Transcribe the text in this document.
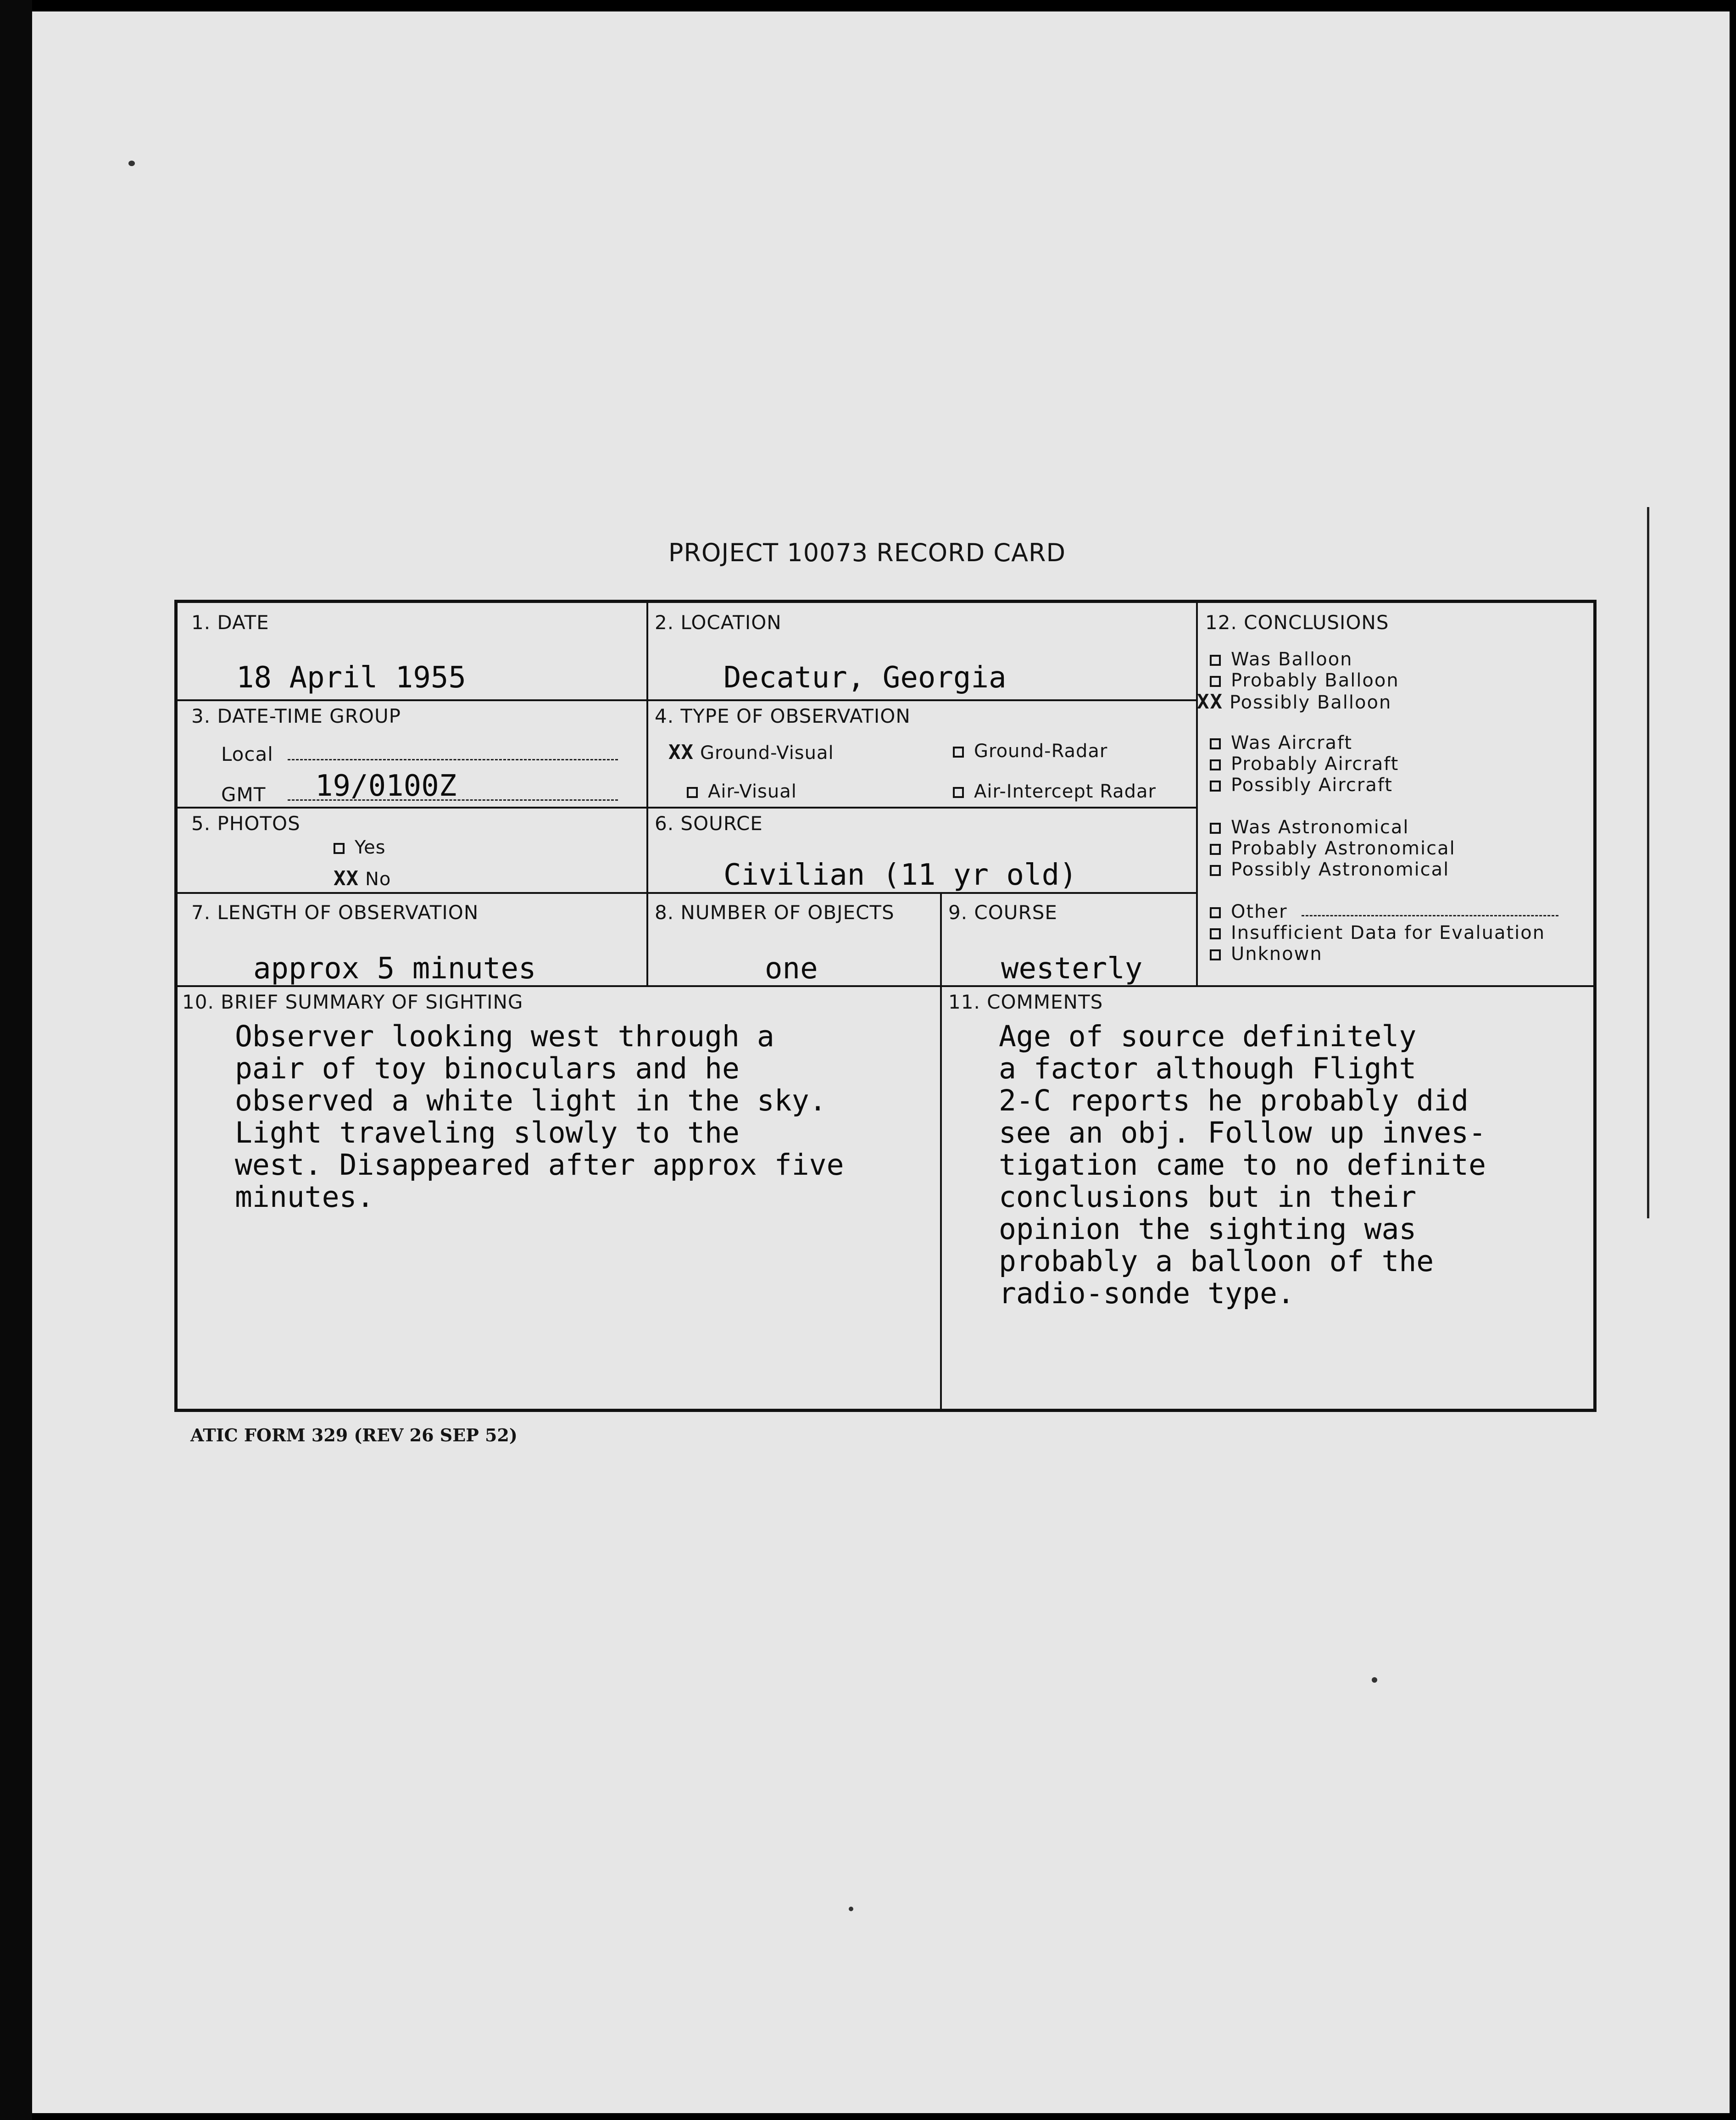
PROJECT 10073 RECORD CARD
1. DATE
18 April 1955
2. LOCATION
Decatur, Georgia
3. DATE-TIME GROUP
Local
GMT 19/0100Z
4. TYPE OF OBSERVATION
XX Ground-Visual	Ground-Radar
Air-Visual	Air-Intercept Radar
5. PHOTOS
Yes
XX No
6. SOURCE
Civilian (11 yr old)
7. LENGTH OF OBSERVATION
approx 5 minutes
8. NUMBER OF OBJECTS
one
9. COURSE
westerly
12. CONCLUSIONS
Was Balloon
Probably Balloon
XX Possibly Balloon
Was Aircraft
Probably Aircraft
Possibly Aircraft
Was Astronomical
Probably Astronomical
Possibly Astronomical
Other
Insufficient Data for Evaluation
Unknown
10. BRIEF SUMMARY OF SIGHTING
Observer looking west through a
pair of toy binoculars and he
observed a white light in the sky.
Light traveling slowly to the
west. Disappeared after approx five
minutes.
11. COMMENTS
Age of source definitely
a factor although Flight
2-C reports he probably did
see an obj. Follow up inves-
tigation came to no definite
conclusions but in their
opinion the sighting was
probably a balloon of the
radio-sonde type.
ATIC FORM 329 (REV 26 SEP 52)
